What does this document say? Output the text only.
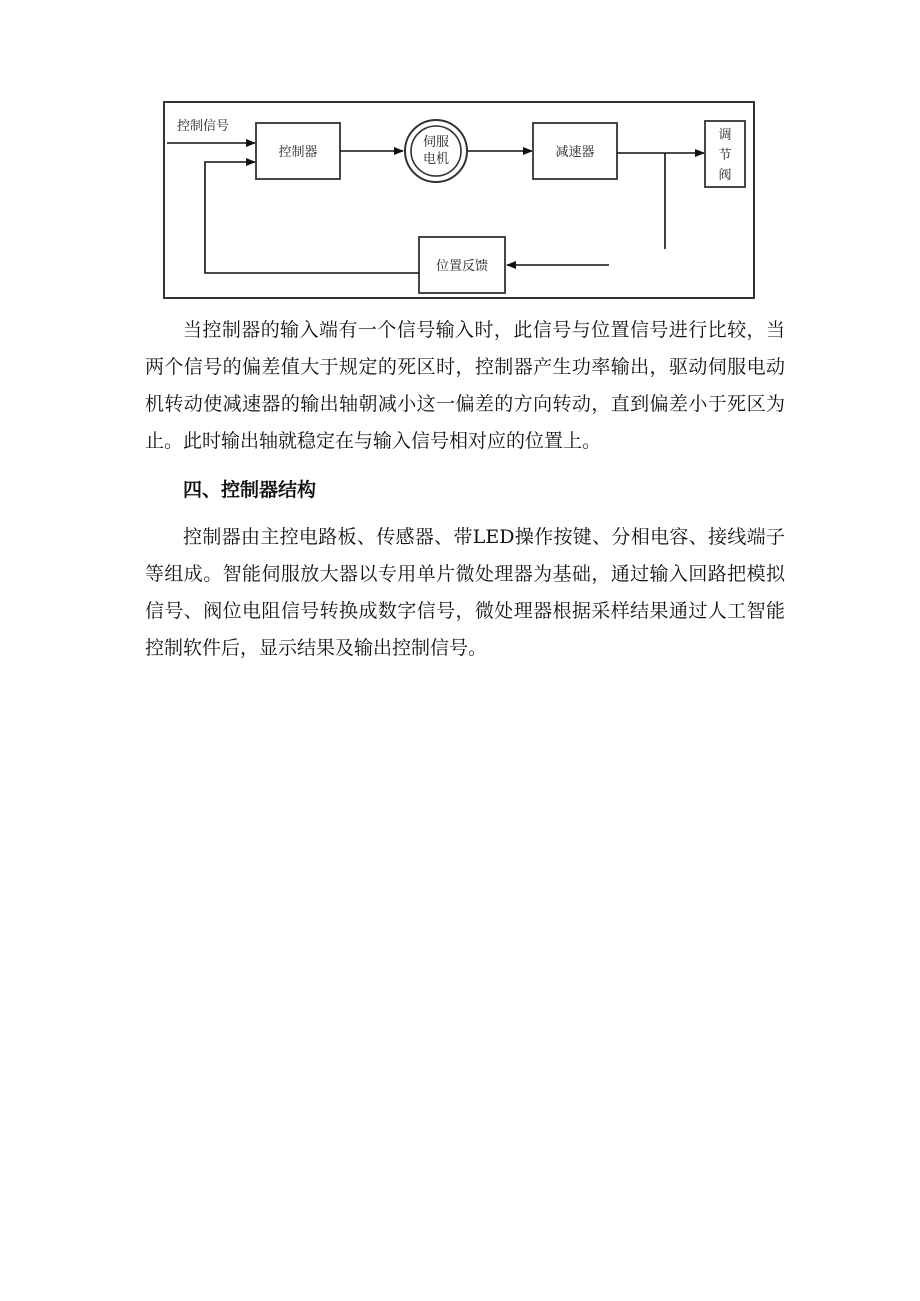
控制信号
控制器
伺服
电机	减速器
调
节
阀
位置反馈

当控制器的输入端有一个信号输入时，此信号与位置信号进行比较，当两个信号的偏差值大于规定的死区时，控制器产生功率输出，驱动伺服电动机转动使减速器的输出轴朝减小这一偏差的方向转动，直到偏差小于死区为止。此时输出轴就稳定在与输入信号相对应的位置上。

四、控制器结构

控制器由主控电路板、传感器、带LED操作按键、分相电容、接线端子等组成。智能伺服放大器以专用单片微处理器为基础，通过输入回路把模拟信号、阀位电阻信号转换成数字信号，微处理器根据采样结果通过人工智能控制软件后，显示结果及输出控制信号。
